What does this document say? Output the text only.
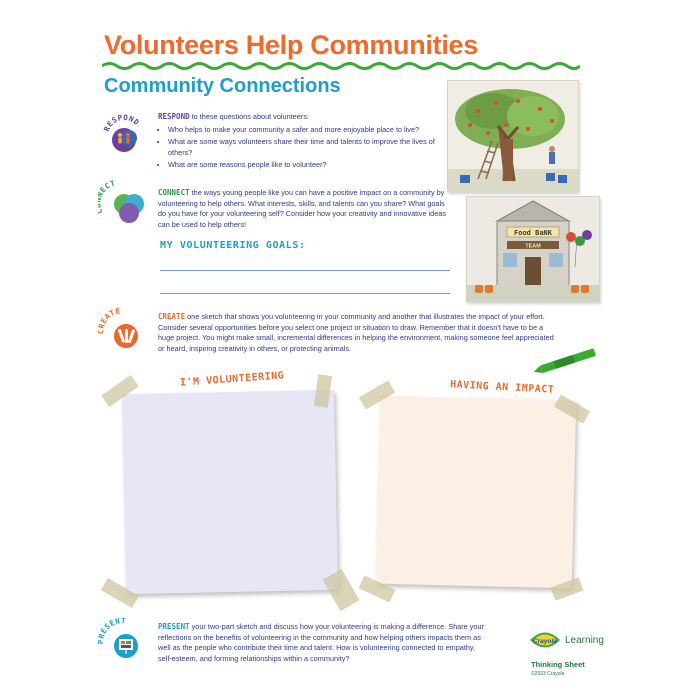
Volunteers Help Communities
Community Connections
RESPOND
RESPOND to these questions about volunteers:
• Who helps to make your community a safer and more enjoyable place to live?
• What are some ways volunteers share their time and talents to improve the lives of others?
• What are some reasons people like to volunteer?
ECT
CONNECT the ways young people like you can have a positive impact on a community by volunteering to help others. What interests, skills, and talents can you share? What goals do you have for your volunteering self? Consider how your creativity and innovative ideas can be used to help others!
MY VOLUNTEERING GOALS:
Food BaNK
TEAM
EATE
CREATE one sketch that shows you volunteering in your community and another that illustrates the impact of your effort. Consider several opportunities before you select one project or situation to draw. Remember that it doesn't have to be a huge project. You might make small, incremental differences in helping the environment, making someone feel appreciated or heard, inspiring creativity in others, or protecting animals.
I'M VOLUNTEERING	HAVING AN IMPACT
ESENT
PRESENT your two-part sketch and discuss how your volunteering is making a difference. Share your reflections on the benefits of volunteering in the community and how helping others impacts them as well as the people who contribute their time and talent. How is volunteering connected to empathy, self-esteem, and forming relationships within a community?
Crayola Learning
Thinking Sheet
©2023 Crayola
